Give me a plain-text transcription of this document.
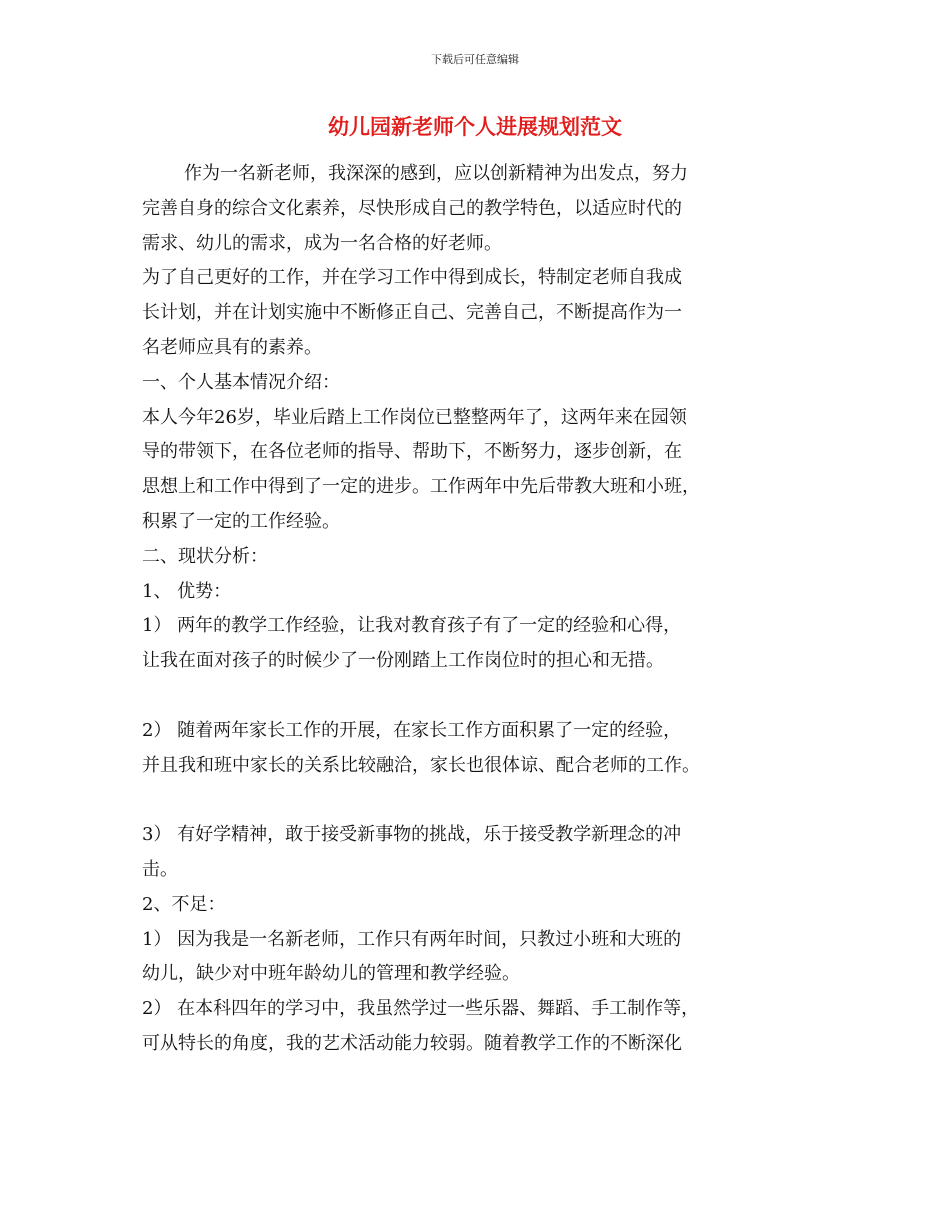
下载后可任意编辑
幼儿园新老师个人进展规划范文
作为一名新老师，我深深的感到，应以创新精神为出发点，努力
完善自身的综合文化素养，尽快形成自己的教学特色，以适应时代的
需求、幼儿的需求，成为一名合格的好老师。
为了自己更好的工作，并在学习工作中得到成长，特制定老师自我成
长计划，并在计划实施中不断修正自己、完善自己，不断提高作为一
名老师应具有的素养。
一、个人基本情况介绍：
本人今年26岁，毕业后踏上工作岗位已整整两年了，这两年来在园领
导的带领下，在各位老师的指导、帮助下，不断努力，逐步创新，在
思想上和工作中得到了一定的进步。工作两年中先后带教大班和小班，
积累了一定的工作经验。
二、现状分析：
1、 优势：
1） 两年的教学工作经验，让我对教育孩子有了一定的经验和心得，
让我在面对孩子的时候少了一份刚踏上工作岗位时的担心和无措。
2） 随着两年家长工作的开展，在家长工作方面积累了一定的经验，
并且我和班中家长的关系比较融洽，家长也很体谅、配合老师的工作。
3） 有好学精神，敢于接受新事物的挑战，乐于接受教学新理念的冲
击。
2、不足：
1） 因为我是一名新老师，工作只有两年时间，只教过小班和大班的
幼儿，缺少对中班年龄幼儿的管理和教学经验。
2） 在本科四年的学习中，我虽然学过一些乐器、舞蹈、手工制作等，
可从特长的角度，我的艺术活动能力较弱。随着教学工作的不断深化
